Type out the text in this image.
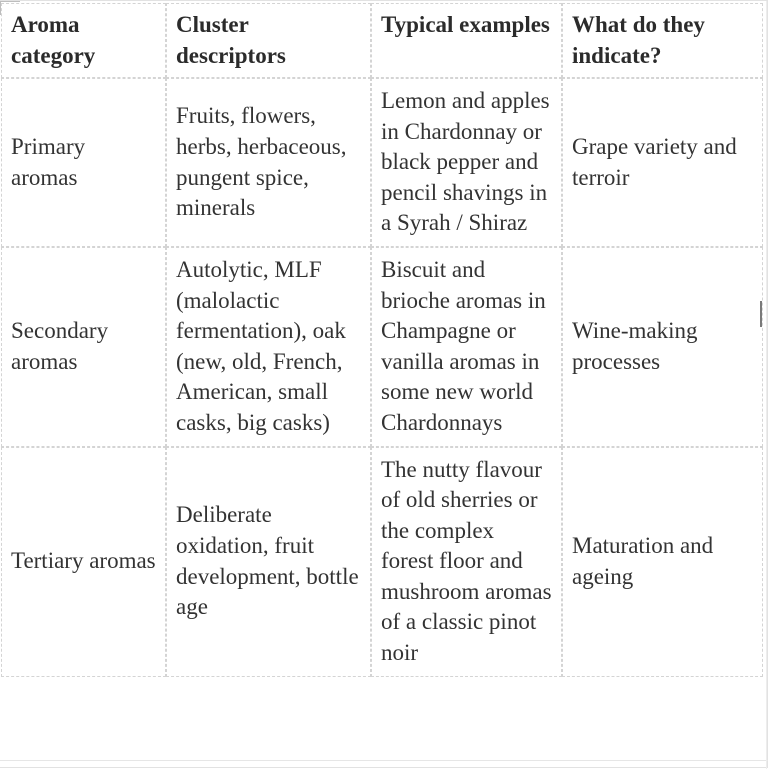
Aroma category	Cluster descriptors	Typical examples	What do they indicate?
Primary aromas	Fruits, flowers, herbs, herbaceous, pungent spice, minerals	Lemon and apples in Chardonnay or black pepper and pencil shavings in a Syrah / Shiraz	Grape variety and terroir
Secondary aromas	Autolytic, MLF (malolactic fermentation), oak (new, old, French, American, small casks, big casks)	Biscuit and brioche aromas in Champagne or vanilla aromas in some new world Chardonnays	Wine-making processes
Tertiary aromas	Deliberate oxidation, fruit development, bottle age	The nutty flavour of old sherries or the complex forest floor and mushroom aromas of a classic pinot noir	Maturation and ageing
